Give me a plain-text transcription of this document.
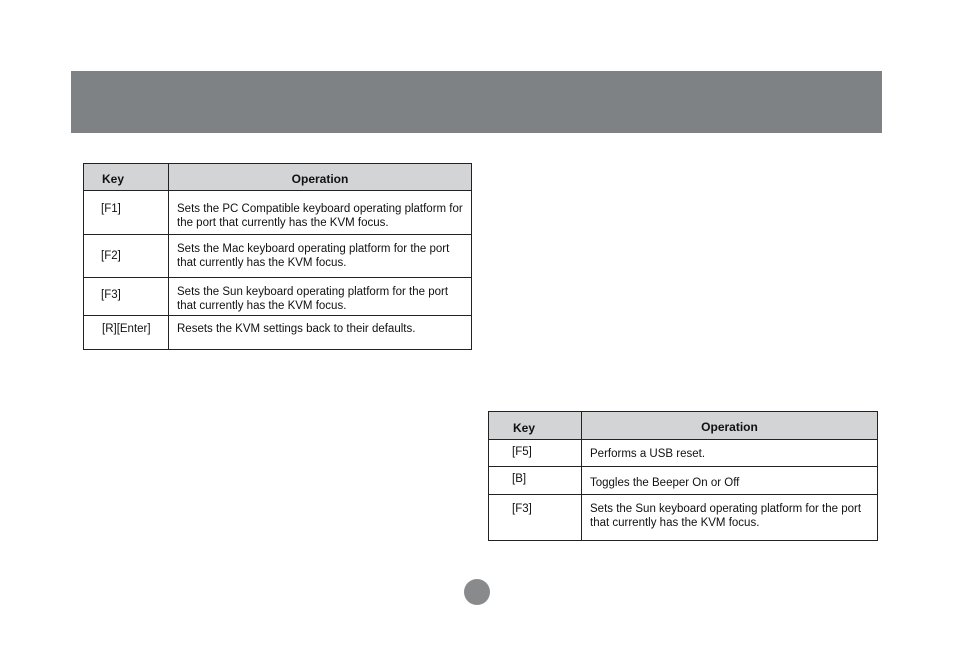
Key	Operation
[F1]	Sets the PC Compatible keyboard operating platform for the port that currently has the KVM focus.
[F2]	Sets the Mac keyboard operating platform for the port that currently has the KVM focus.
[F3]	Sets the Sun keyboard operating platform for the port that currently has the KVM focus.
[R][Enter]	Resets the KVM settings back to their defaults.
Key	Operation
[F5]	Performs a USB reset.
[B]	Toggles the Beeper On or Off
[F3]	Sets the Sun keyboard operating platform for the port that currently has the KVM focus.
